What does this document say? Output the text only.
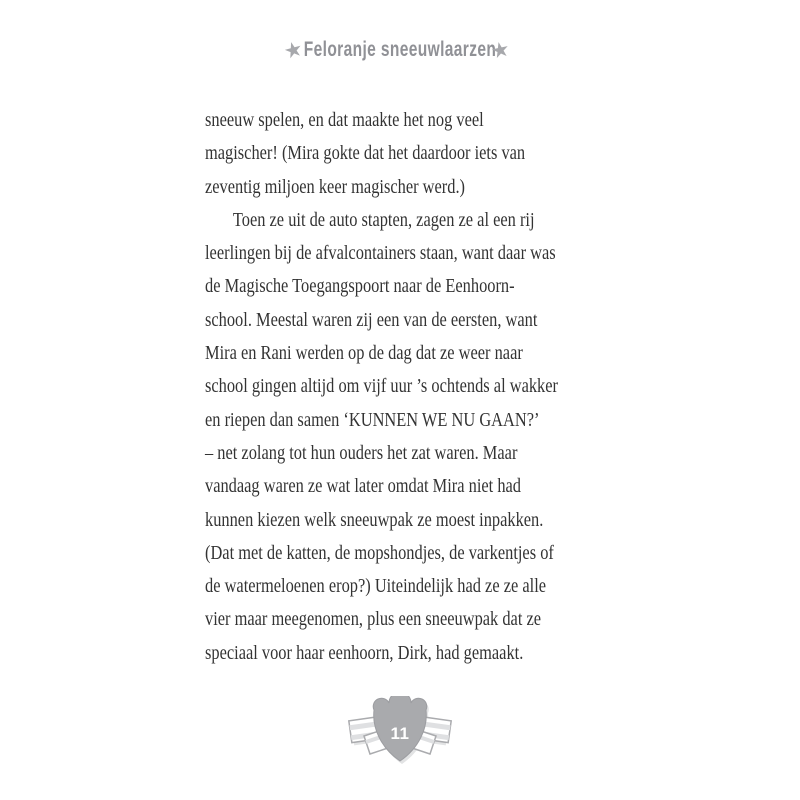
★
Feloranje sneeuwlaarzen
★

sneeuw spelen, en dat maakte het nog veel

magischer! (Mira gokte dat het daardoor iets van

zeventig miljoen keer magischer werd.)

Toen ze uit de auto stapten, zagen ze al een rij

leerlingen bij de afvalcontainers staan, want daar was

de Magische Toegangspoort naar de Eenhoorn-

school. Meestal waren zij een van de eersten, want

Mira en Rani werden op de dag dat ze weer naar

school gingen altijd om vijf uur ’s ochtends al wakker

en riepen dan samen ‘KUNNEN WE NU GAAN?’

– net zolang tot hun ouders het zat waren. Maar

vandaag waren ze wat later omdat Mira niet had

kunnen kiezen welk sneeuwpak ze moest inpakken.

(Dat met de katten, de mopshondjes, de varkentjes of

de watermeloenen erop?) Uiteindelijk had ze ze alle

vier maar meegenomen, plus een sneeuwpak dat ze

speciaal voor haar eenhoorn, Dirk, had gemaakt.

11
